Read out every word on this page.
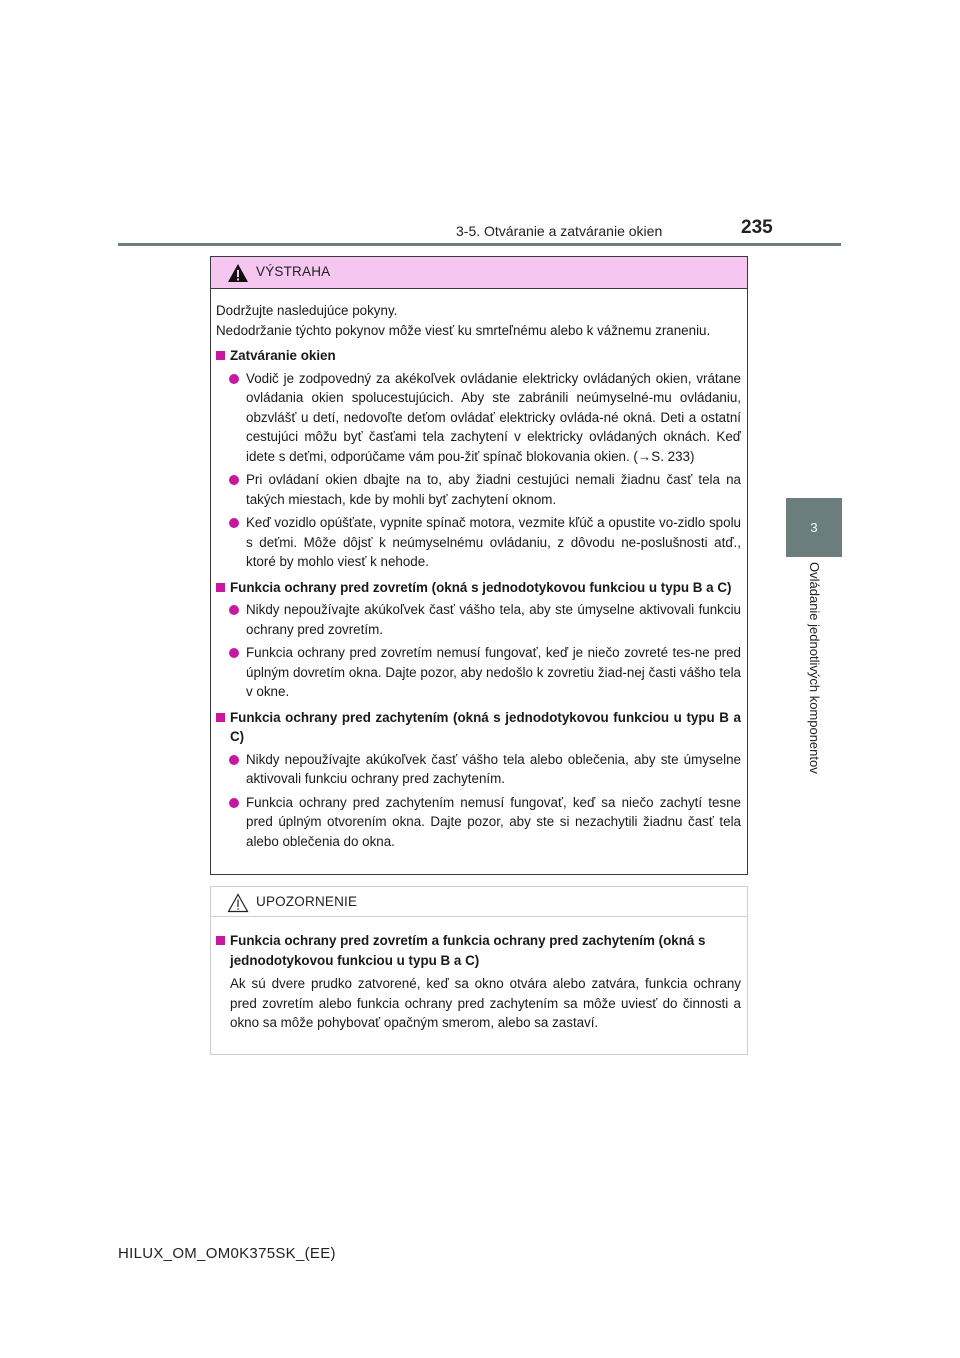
3-5. Otváranie a zatváranie okien	235
3
Ovládanie jednotlivých komponentov
VÝSTRAHA

Dodržujte nasledujúce pokyny.
Nedodržanie týchto pokynov môže viesť ku smrteľnému alebo k vážnemu zraneniu.

Zatváranie okien
Vodič je zodpovedný za akékoľvek ovládanie elektricky ovládaných okien, vrátane ovládania okien spolucestujúcich. Aby ste zabránili neúmyselné-mu ovládaniu, obzvlášť u detí, nedovoľte deťom ovládať elektricky ovláda-né okná. Deti a ostatní cestujúci môžu byť časťami tela zachytení v elektricky ovládaných oknách. Keď idete s deťmi, odporúčame vám pou-žiť spínač blokovania okien. (→S. 233)
Pri ovládaní okien dbajte na to, aby žiadni cestujúci nemali žiadnu časť tela na takých miestach, kde by mohli byť zachytení oknom.
Keď vozidlo opúšťate, vypnite spínač motora, vezmite kľúč a opustite vo-zidlo spolu s deťmi. Môže dôjsť k neúmyselnému ovládaniu, z dôvodu ne-poslušnosti atď., ktoré by mohlo viesť k nehode.
Funkcia ochrany pred zovretím (okná s jednodotykovou funkciou u typu B a C)
Nikdy nepoužívajte akúkoľvek časť vášho tela, aby ste úmyselne aktivovali funkciu ochrany pred zovretím.
Funkcia ochrany pred zovretím nemusí fungovať, keď je niečo zovreté tes-ne pred úplným dovretím okna. Dajte pozor, aby nedošlo k zovretiu žiad-nej časti vášho tela v okne.
Funkcia ochrany pred zachytením (okná s jednodotykovou funkciou u typu B a C)
Nikdy nepoužívajte akúkoľvek časť vášho tela alebo oblečenia, aby ste úmyselne aktivovali funkciu ochrany pred zachytením.
Funkcia ochrany pred zachytením nemusí fungovať, keď sa niečo zachytí tesne pred úplným otvorením okna. Dajte pozor, aby ste si nezachytili žiadnu časť tela alebo oblečenia do okna.
UPOZORNENIE
Funkcia ochrany pred zovretím a funkcia ochrany pred zachytením (okná s jednodotykovou funkciou u typu B a C)

Ak sú dvere prudko zatvorené, keď sa okno otvára alebo zatvára, funkcia ochrany pred zovretím alebo funkcia ochrany pred zachytením sa môže uviesť do činnosti a okno sa môže pohybovať opačným smerom, alebo sa zastaví.

HILUX_OM_OM0K375SK_(EE)
